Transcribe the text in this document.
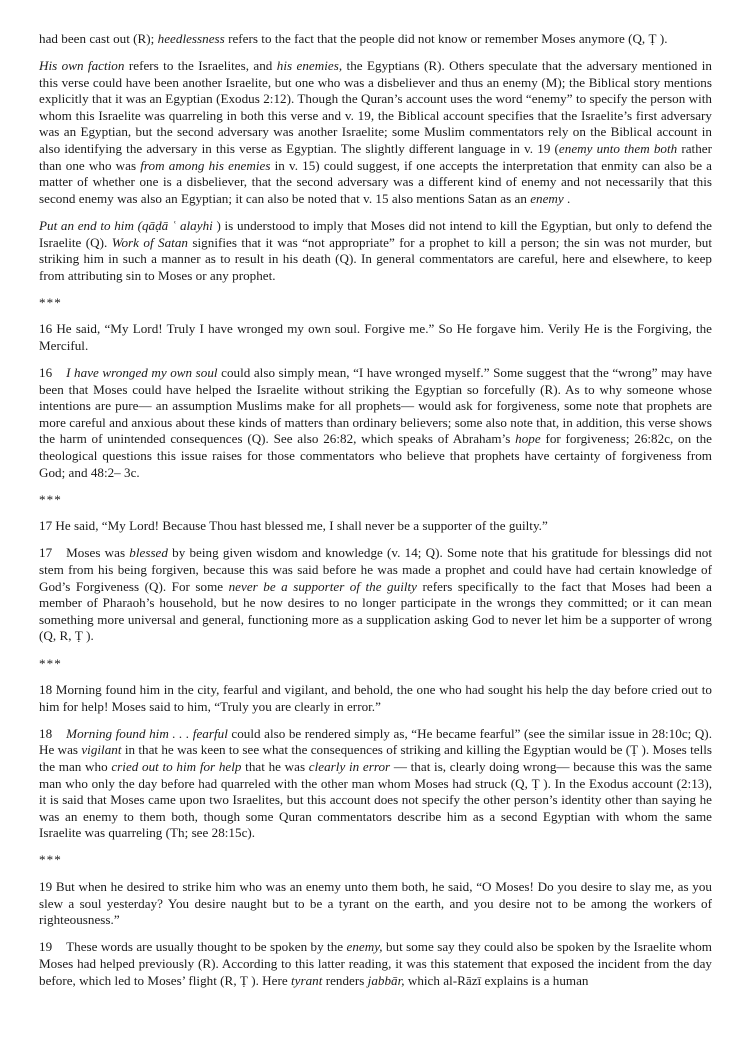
had been cast out (R); heedlessness refers to the fact that the people did not know or remember Moses anymore (Q, Ṭ ).

His own faction refers to the Israelites, and his enemies, the Egyptians (R). Others speculate that the adversary mentioned in this verse could have been another Israelite, but one who was a disbeliever and thus an enemy (M); the Biblical story mentions explicitly that it was an Egyptian (Exodus 2:12). Though the Quran’s account uses the word “enemy” to specify the person with whom this Israelite was quarreling in both this verse and v. 19, the Biblical account specifies that the Israelite’s first adversary was an Egyptian, but the second adversary was another Israelite; some Muslim commentators rely on the Biblical account in also identifying the adversary in this verse as Egyptian. The slightly different language in v. 19 (enemy unto them both rather than one who was from among his enemies in v. 15) could suggest, if one accepts the interpretation that enmity can also be a matter of whether one is a disbeliever, that the second adversary was a different kind of enemy and not necessarily that this second enemy was also an Egyptian; it can also be noted that v. 15 also mentions Satan as an enemy .

Put an end to him (qāḍā ʿ alayhi ) is understood to imply that Moses did not intend to kill the Egyptian, but only to defend the Israelite (Q). Work of Satan signifies that it was “not appropriate” for a prophet to kill a person; the sin was not murder, but striking him in such a manner as to result in his death (Q). In general commentators are careful, here and elsewhere, to keep from attributing sin to Moses or any prophet.

***

16 He said, “My Lord! Truly I have wronged my own soul. Forgive me.” So He forgave him. Verily He is the Forgiving, the Merciful.

16 I have wronged my own soul could also simply mean, “I have wronged myself.” Some suggest that the “wrong” may have been that Moses could have helped the Israelite without striking the Egyptian so forcefully (R). As to why someone whose intentions are pure— an assumption Muslims make for all prophets— would ask for forgiveness, some note that prophets are more careful and anxious about these kinds of matters than ordinary believers; some also note that, in addition, this verse shows the harm of unintended consequences (Q). See also 26:82, which speaks of Abraham’s hope for forgiveness; 26:82c, on the theological questions this issue raises for those commentators who believe that prophets have certainty of forgiveness from God; and 48:2– 3c.

***

17 He said, “My Lord! Because Thou hast blessed me, I shall never be a supporter of the guilty.”

17 Moses was blessed by being given wisdom and knowledge (v. 14; Q). Some note that his gratitude for blessings did not stem from his being forgiven, because this was said before he was made a prophet and could have had certain knowledge of God’s Forgiveness (Q). For some never be a supporter of the guilty refers specifically to the fact that Moses had been a member of Pharaoh’s household, but he now desires to no longer participate in the wrongs they committed; or it can mean something more universal and general, functioning more as a supplication asking God to never let him be a supporter of wrong (Q, R, Ṭ ).

***

18 Morning found him in the city, fearful and vigilant, and behold, the one who had sought his help the day before cried out to him for help! Moses said to him, “Truly you are clearly in error.”

18 Morning found him . . . fearful could also be rendered simply as, “He became fearful” (see the similar issue in 28:10c; Q). He was vigilant in that he was keen to see what the consequences of striking and killing the Egyptian would be (Ṭ ). Moses tells the man who cried out to him for help that he was clearly in error — that is, clearly doing wrong— because this was the same man who only the day before had quarreled with the other man whom Moses had struck (Q, Ṭ ). In the Exodus account (2:13), it is said that Moses came upon two Israelites, but this account does not specify the other person’s identity other than saying he was an enemy to them both, though some Quran commentators describe him as a second Egyptian with whom the same Israelite was quarreling (Th; see 28:15c).

***

19 But when he desired to strike him who was an enemy unto them both, he said, “O Moses! Do you desire to slay me, as you slew a soul yesterday? You desire naught but to be a tyrant on the earth, and you desire not to be among the workers of righteousness.”

19 These words are usually thought to be spoken by the enemy, but some say they could also be spoken by the Israelite whom Moses had helped previously (R). According to this latter reading, it was this statement that exposed the incident from the day before, which led to Moses’ flight (R, Ṭ ). Here tyrant renders jabbār, which al-Rāzī explains is a human
